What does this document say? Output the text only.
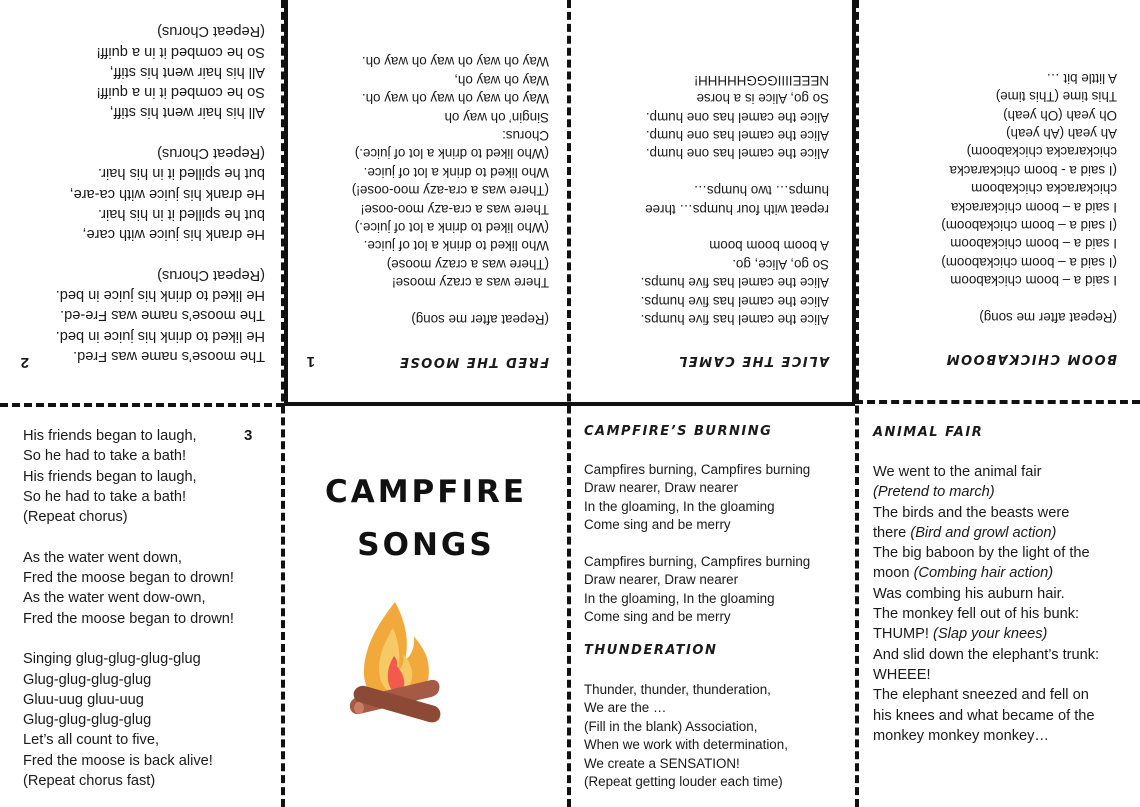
3
His friends began to laugh,
So he had to take a bath!
His friends began to laugh,
So he had to take a bath!
(Repeat chorus)
As the water went down,
Fred the moose began to drown!
As the water went dow-own,
Fred the moose began to drown!
Singing glug-glug-glug-glug
Glug-glug-glug-glug
Gluu-uug gluu-uug
Glug-glug-glug-glug
Let’s all count to five,
Fred the moose is back alive!
(Repeat chorus fast)
CAMPFIRE
SONGS
CAMPFIRE’S BURNING
Campfires burning, Campfires burning
Draw nearer, Draw nearer
In the gloaming, In the gloaming
Come sing and be merry
Campfires burning, Campfires burning
Draw nearer, Draw nearer
In the gloaming, In the gloaming
Come sing and be merry
THUNDERATION
Thunder, thunder, thunderation,
We are the …
(Fill in the blank) Association,
When we work with determination,
We create a SENSATION!
(Repeat getting louder each time)
ANIMAL FAIR
We went to the animal fair
(Pretend to march)
The birds and the beasts were
there (Bird and growl action)
The big baboon by the light of the
moon (Combing hair action)
Was combing his auburn hair.
The monkey fell out of his bunk:
THUMP! (Slap your knees)
And slid down the elephant’s trunk:
WHEEE!
The elephant sneezed and fell on
his knees and what became of the
monkey monkey monkey…
2	The moose’s name was Fred.
He liked to drink his juice in bed.
The moose’s name was Fre-ed.
He liked to drink his juice in bed.
(Repeat Chorus)
He drank his juice with care,
but he spilled it in his hair.
He drank his juice with ca-are,
but he spilled it in his hair.
(Repeat Chorus)
All his hair went his stiff,
So he combed it in a quiff!
All his hair went his stiff,
So he combed it in a quiff!
(Repeat Chorus)
1	FRED THE MOOSE
(Repeat after me song)
There was a crazy moose!
(There was a crazy moose)
Who liked to drink a lot of juice.
(Who liked to drink a lot of juice.)
There was a cra-azy moo-oose!
(There was a cra-azy moo-oose!)
Who liked to drink a lot of juice.
(Who liked to drink a lot of juice.)
Chorus:
Singin’ oh way oh
Way oh way oh way oh way oh.
Way oh way oh,
Way oh way oh way oh way oh.
ALICE THE CAMEL
Alice the camel has five humps.
Alice the camel has five humps.
Alice the camel has five humps.
So go, Alice, go.
A boom boom boom
repeat with four humps… three
humps… two humps…
Alice the camel has one hump.
Alice the camel has one hump.
Alice the camel has one hump.
So go, Alice is a horse
NEEEIIIIGGGHHHHH!
BOOM CHICKABOOM
(Repeat after me song)
I said a – boom chickaboom
(I said a – boom chickaboom)
I said a – boom chickaboom
(I said a – boom chickaboom)
I said a – boom chickaracka
chickaracka chickaboom
(I said a - boom chickaracka
chickaracka chickaboom)
Ah yeah (Ah yeah)
Oh yeah (Oh yeah)
This time (This time)
A little bit …
